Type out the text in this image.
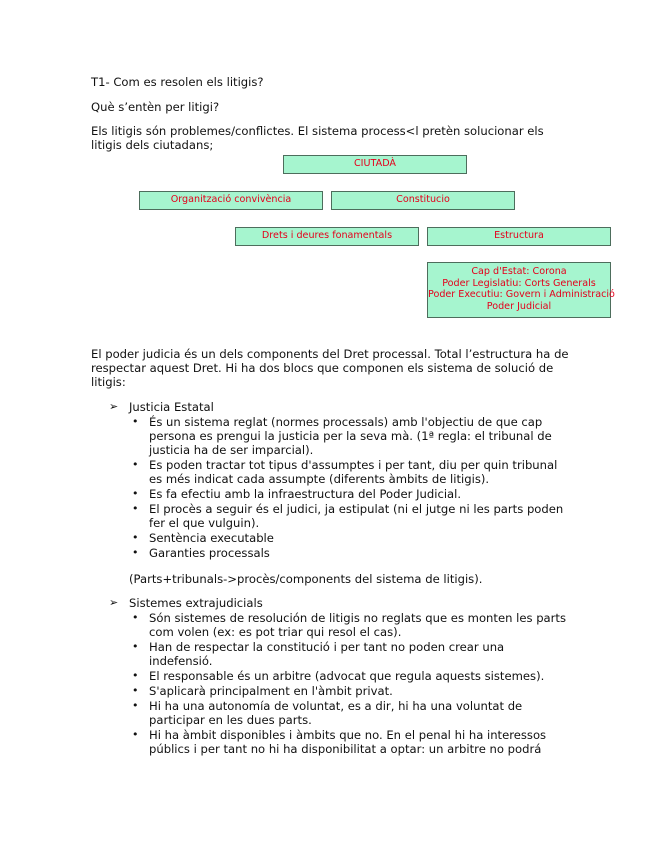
T1- Com es resolen els litigis?

Què s’entèn per litigi?

Els litigis són problemes/conflictes. El sistema process<l pretèn solucionar els litigis dels ciutadans;

CIUTADÀ
Organització convivència	Constitucio
Drets i deures fonamentals	Estructura
Cap d'Estat: Corona
Poder Legislatiu: Corts Generals
Poder Executiu: Govern i Administració
Poder Judicial

El poder judicia és un dels components del Dret processal. Total l’estructura ha de respectar aquest Dret. Hi ha dos blocs que componen els sistema de solució de litigis:

➢ Justicia Estatal
• És un sistema reglat (normes processals) amb l'objectiu de que cap persona es prengui la justicia per la seva mà. (1ª regla: el tribunal de justicia ha de ser imparcial).
• Es poden tractar tot tipus d'assumptes i per tant, diu per quin tribunal es més indicat cada assumpte (diferents àmbits de litigis).
• Es fa efectiu amb la infraestructura del Poder Judicial.
• El procès a seguir és el judici, ja estipulat (ni el jutge ni les parts poden fer el que vulguin).
• Sentència executable
• Garanties processals

(Parts+tribunals->procès/components del sistema de litigis).

➢ Sistemes extrajudicials
• Són sistemes de resolución de litigis no reglats que es monten les parts com volen (ex: es pot triar qui resol el cas).
• Han de respectar la constitució i per tant no poden crear una indefensió.
• El responsable és un arbitre (advocat que regula aquests sistemes).
• S'aplicarà principalment en l'àmbit privat.
• Hi ha una autonomía de voluntat, es a dir, hi ha una voluntat de participar en les dues parts.
• Hi ha àmbit disponibles i àmbits que no. En el penal hi ha interessos públics i per tant no hi ha disponibilitat a optar: un arbitre no podrá
